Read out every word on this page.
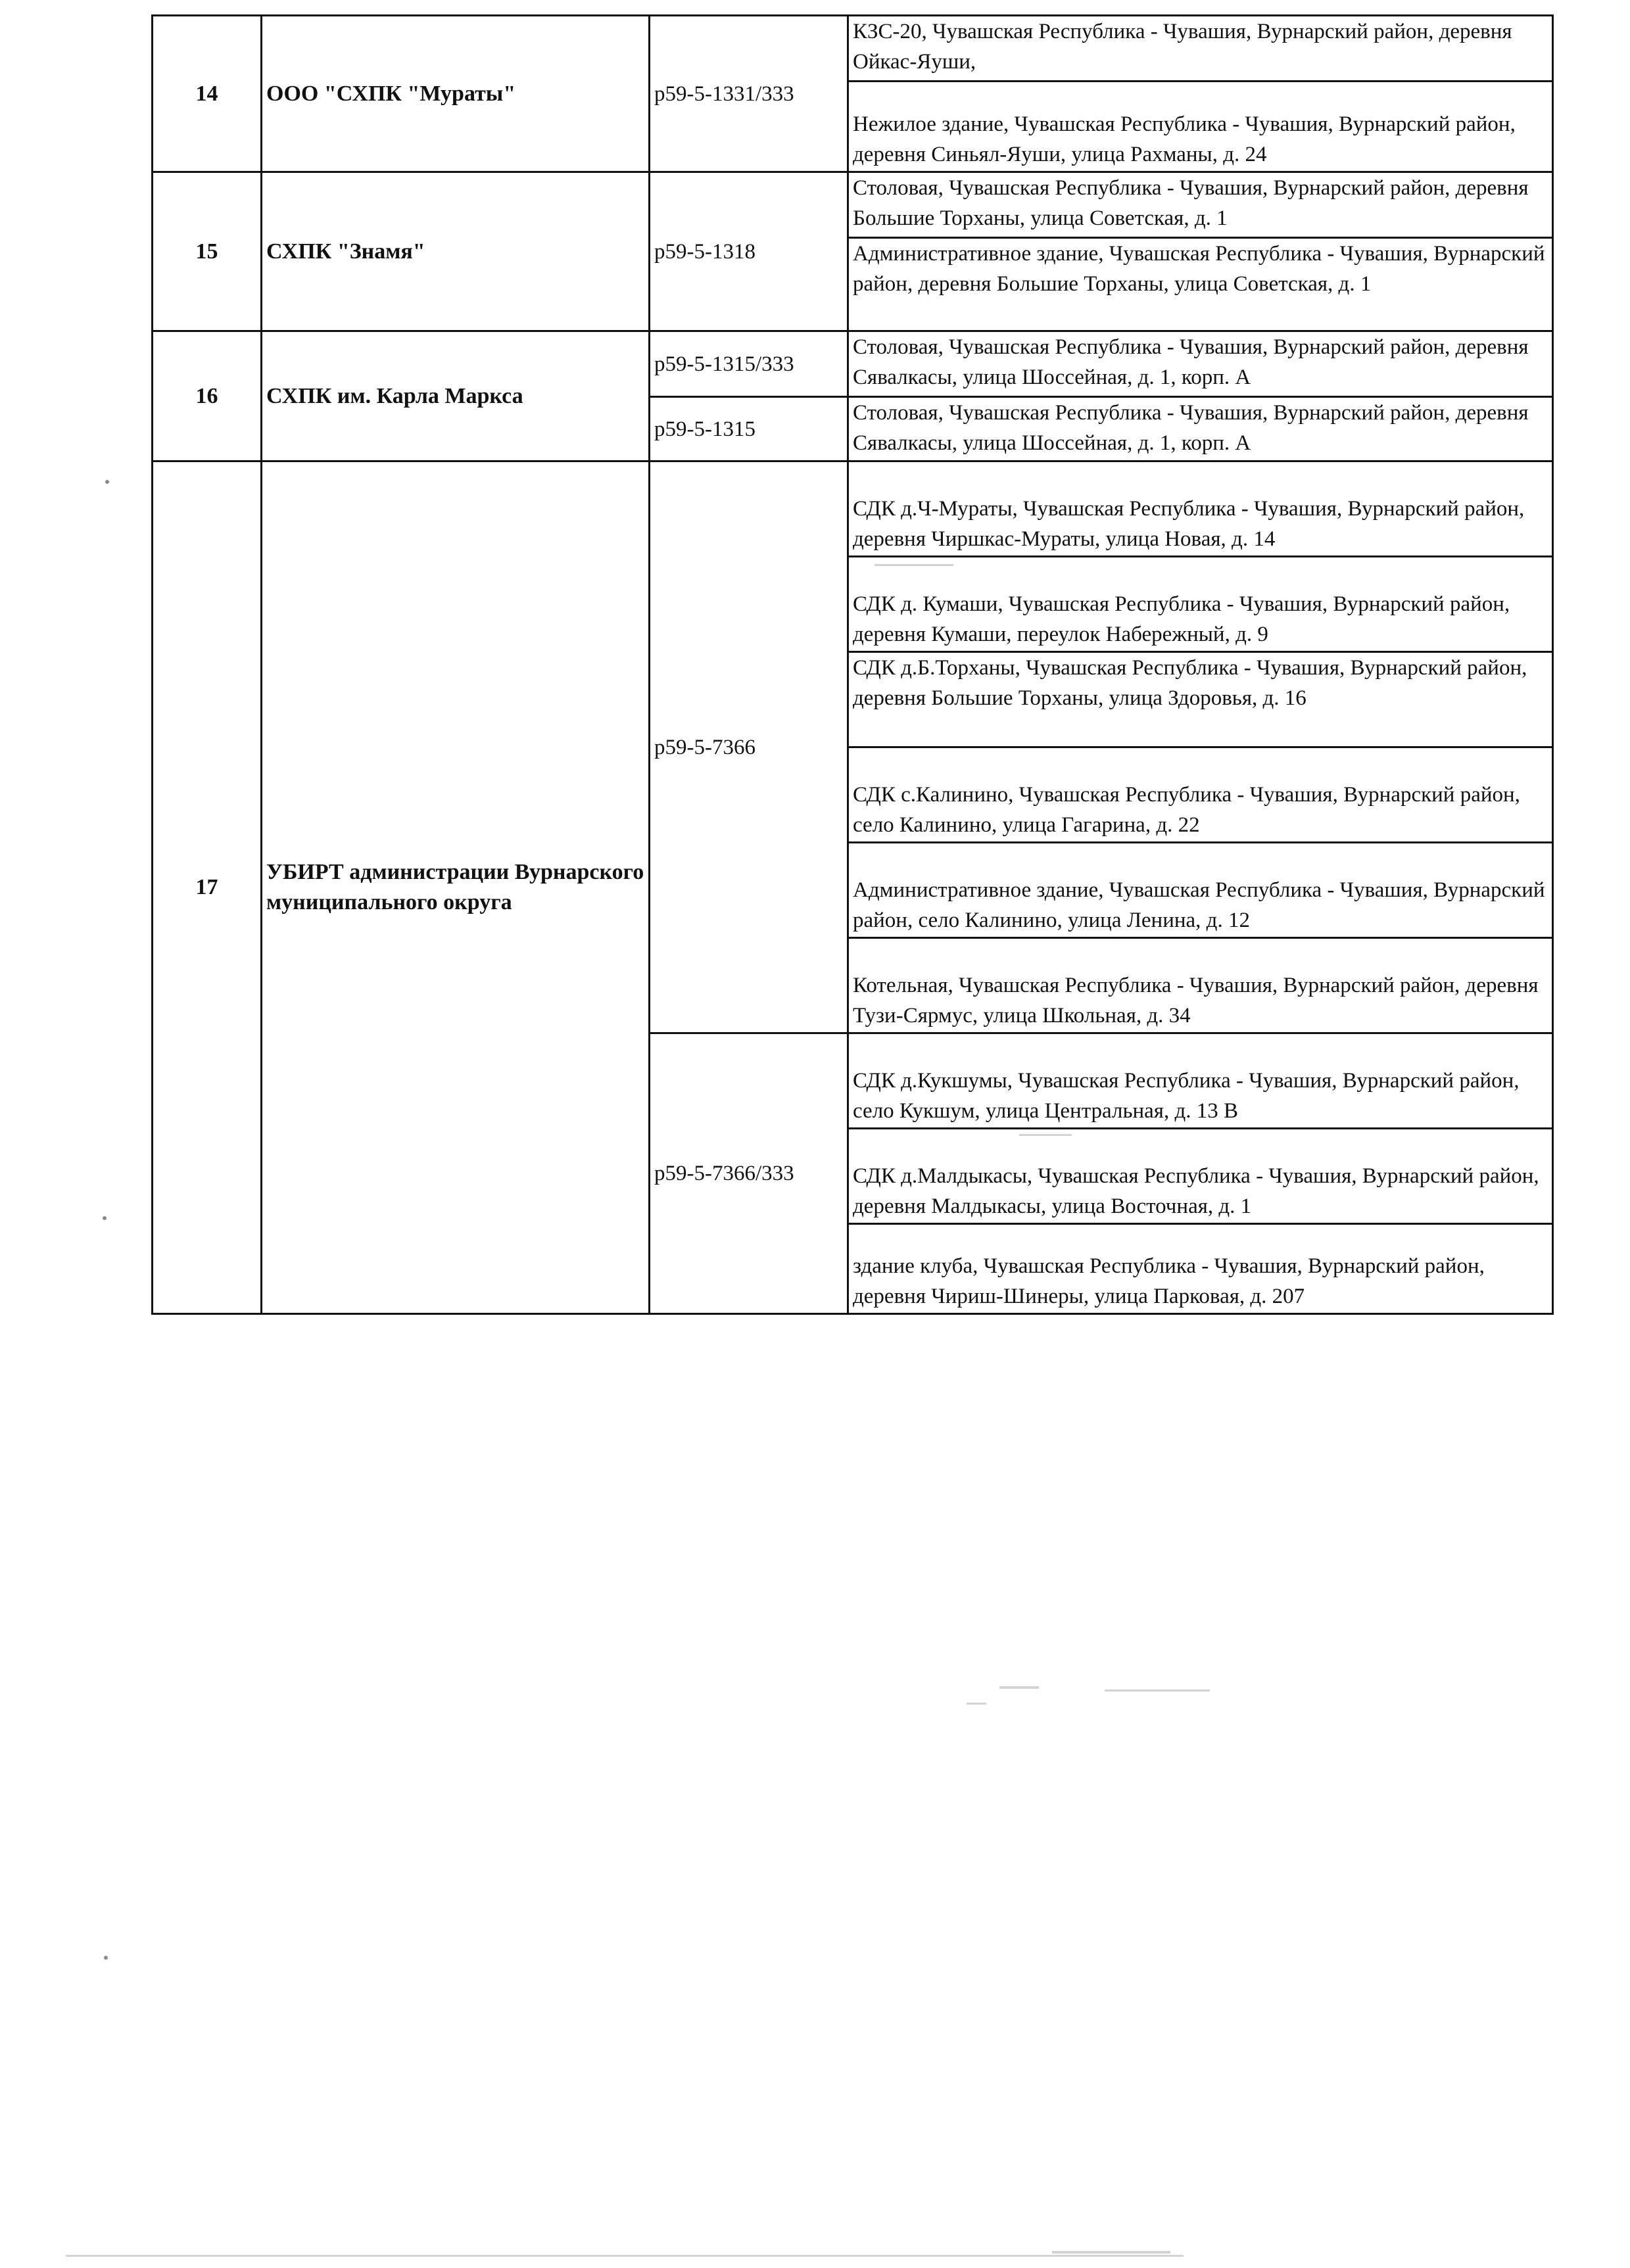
14	ООО "СХПК "Мураты"	р59-5-1331/333	КЗС-20, Чувашская Республика - Чувашия, Вурнарский район, деревня Ойкас-Яуши,
			Нежилое здание, Чувашская Республика - Чувашия, Вурнарский район, деревня Синьял-Яуши, улица Рахманы, д. 24
15	СХПК "Знамя"	р59-5-1318	Столовая, Чувашская Республика - Чувашия, Вурнарский район, деревня Большие Торханы, улица Советская, д. 1
			Административное здание, Чувашская Республика - Чувашия, Вурнарский район, деревня Большие Торханы, улица Советская, д. 1
16	СХПК им. Карла Маркса	р59-5-1315/333	Столовая, Чувашская Республика - Чувашия, Вурнарский район, деревня Сявалкасы, улица Шоссейная, д. 1, корп. А
		р59-5-1315	Столовая, Чувашская Республика - Чувашия, Вурнарский район, деревня Сявалкасы, улица Шоссейная, д. 1, корп. А
17	УБИРТ администрации Вурнарского муниципального округа	р59-5-7366	СДК д.Ч-Мураты, Чувашская Республика - Чувашия, Вурнарский район, деревня Чиршкас-Мураты, улица Новая, д. 14
			СДК д. Кумаши, Чувашская Республика - Чувашия, Вурнарский район, деревня Кумаши, переулок Набережный, д. 9
			СДК д.Б.Торханы, Чувашская Республика - Чувашия, Вурнарский район, деревня Большие Торханы, улица Здоровья, д. 16
			СДК с.Калинино, Чувашская Республика - Чувашия, Вурнарский район, село Калинино, улица Гагарина, д. 22
			Административное здание, Чувашская Республика - Чувашия, Вурнарский район, село Калинино, улица Ленина, д. 12
			Котельная, Чувашская Республика - Чувашия, Вурнарский район, деревня Тузи-Сярмус, улица Школьная, д. 34
		р59-5-7366/333	СДК д.Кукшумы, Чувашская Республика - Чувашия, Вурнарский район, село Кукшум, улица Центральная, д. 13 В
			СДК д.Малдыкасы, Чувашская Республика - Чувашия, Вурнарский район, деревня Малдыкасы, улица Восточная, д. 1
			здание клуба, Чувашская Республика - Чувашия, Вурнарский район, деревня Чириш-Шинеры, улица Парковая, д. 207
